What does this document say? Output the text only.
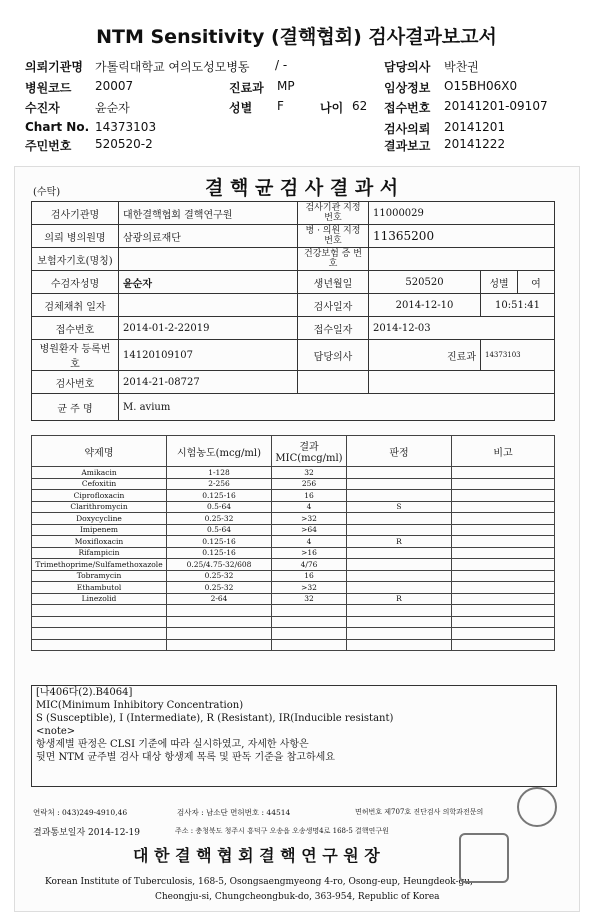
NTM Sensitivity (결핵협회) 검사결과보고서
의뢰기관명 가톨릭대학교 여의도성모병동 / -	담당의사 박찬권
병원코드 20007	진료과 MP	임상정보 O15BH06X0
수진자	윤순자	성별 F	나이 62 접수번호 20141201-09107
Chart No. 14373103	검사의뢰 20141201
주민번호 520520-2	결과보고 20141222
(수탁)	결 핵 균 검 사 결 과 서
검사기관명	대한결핵협회 결핵연구원	검사기관 지정번호	11000029		
의뢰 병의원명	삼광의료재단	병 · 의원 지정번호	11365200		
보험자기호(명칭)		건강보험 증 번 호			
수검자성명	윤순자	생년월일	520520	성별	여
검체채취 일자		검사일자	2014-12-10	10:51:41	
접수번호	2014-01-2-22019	접수일자	2014-12-03		
병원환자 등록번호	14120109107	담당의사	진료과	14373103	
검사번호	2014-21-08727				
균 주 명	M. avium				
약제명	시험농도(mcg/ml)	결과 MIC(mcg/ml)	판정	비고
Amikacin	1-128	32		
Cefoxitin	2-256	256		
Ciprofloxacin	0.125-16	16		
Clarithromycin	0.5-64	4	S	
Doxycycline	0.25-32	>32		
Imipenem	0.5-64	>64		
Moxifloxacin	0.125-16	4	R	
Rifampicin	0.125-16	>16		
Trimethoprime/Sulfamethoxazole	0.25/4.75-32/608	4/76		
Tobramycin	0.25-32	16		
Ethambutol	0.25-32	>32		
Linezolid	2-64	32	R	

[나406다(2).B4064]
MIC(Minimum Inhibitory Concentration)
S (Susceptible), I (Intermediate), R (Resistant), IR(Inducible resistant)
<note>
항생제별 판정은 CLSI 기준에 따라 실시하였고, 자세한 사항은
뒷면 NTM 균주별 검사 대상 항생제 목록 및 판독 기준을 참고하세요
연락처 : 043)249-4910,46	검사자 : 남소단 면허번호 : 44514	면허번호 제707호 진단검사 의학과전문의
결과통보일자 2014-12-19	주소 : 충청북도 청주시 흥덕구 오송읍 오송생명4로 168-5 결핵연구원
대 한 결 핵 협 회 결 핵 연 구 원 장
Korean Institute of Tuberculosis, 168-5, Osongsaengmyeong 4-ro, Osong-eup, Heungdeok-gu,
Cheongju-si, Chungcheongbuk-do, 363-954, Republic of Korea
